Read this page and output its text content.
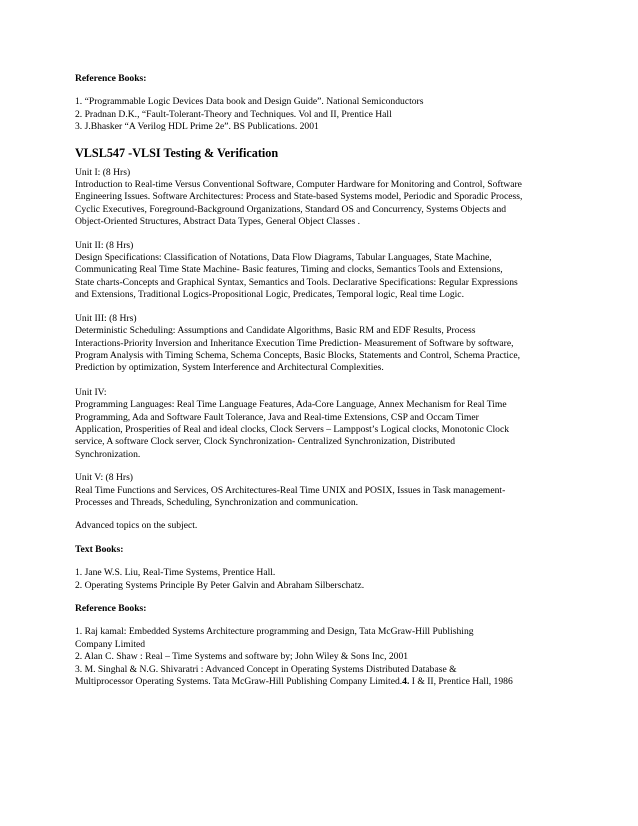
Reference Books:
1. “Programmable Logic Devices Data book and Design Guide”. National Semiconductors
2. Pradnan D.K., “Fault-Tolerant-Theory and Techniques. Vol and II, Prentice Hall
3. J.Bhasker “A Verilog HDL Prime 2e”. BS Publications. 2001
VLSL547 -VLSI Testing & Verification
Unit I: (8 Hrs)
Introduction to Real-time Versus Conventional Software, Computer Hardware for Monitoring and Control, Software
Engineering Issues. Software Architectures: Process and State-based Systems model, Periodic and Sporadic Process,
Cyclic Executives, Foreground-Background Organizations, Standard OS and Concurrency, Systems Objects and
Object-Oriented Structures, Abstract Data Types, General Object Classes .
Unit II: (8 Hrs)
Design Specifications: Classification of Notations, Data Flow Diagrams, Tabular Languages, State Machine,
Communicating Real Time State Machine- Basic features, Timing and clocks, Semantics Tools and Extensions,
State charts-Concepts and Graphical Syntax, Semantics and Tools. Declarative Specifications: Regular Expressions
and Extensions, Traditional Logics-Propositional Logic, Predicates, Temporal logic, Real time Logic.
Unit III: (8 Hrs)
Deterministic Scheduling: Assumptions and Candidate Algorithms, Basic RM and EDF Results, Process
Interactions-Priority Inversion and Inheritance Execution Time Prediction- Measurement of Software by software,
Program Analysis with Timing Schema, Schema Concepts, Basic Blocks, Statements and Control, Schema Practice,
Prediction by optimization, System Interference and Architectural Complexities.
Unit IV:
Programming Languages: Real Time Language Features, Ada-Core Language, Annex Mechanism for Real Time
Programming, Ada and Software Fault Tolerance, Java and Real-time Extensions, CSP and Occam Timer
Application, Prosperities of Real and ideal clocks, Clock Servers – Lamppost’s Logical clocks, Monotonic Clock
service, A software Clock server, Clock Synchronization- Centralized Synchronization, Distributed
Synchronization.
Unit V: (8 Hrs)
Real Time Functions and Services, OS Architectures-Real Time UNIX and POSIX, Issues in Task management-
Processes and Threads, Scheduling, Synchronization and communication.
Advanced topics on the subject.
Text Books:
1. Jane W.S. Liu, Real-Time Systems, Prentice Hall.
2. Operating Systems Principle By Peter Galvin and Abraham Silberschatz.
Reference Books:
1. Raj kamal: Embedded Systems Architecture programming and Design, Tata McGraw-Hill Publishing
Company Limited
2. Alan C. Shaw : Real – Time Systems and software by; John Wiley & Sons Inc, 2001
3. M. Singhal & N.G. Shivaratri : Advanced Concept in Operating Systems Distributed Database &
Multiprocessor Operating Systems. Tata McGraw-Hill Publishing Company Limited.4. I & II, Prentice Hall, 1986
